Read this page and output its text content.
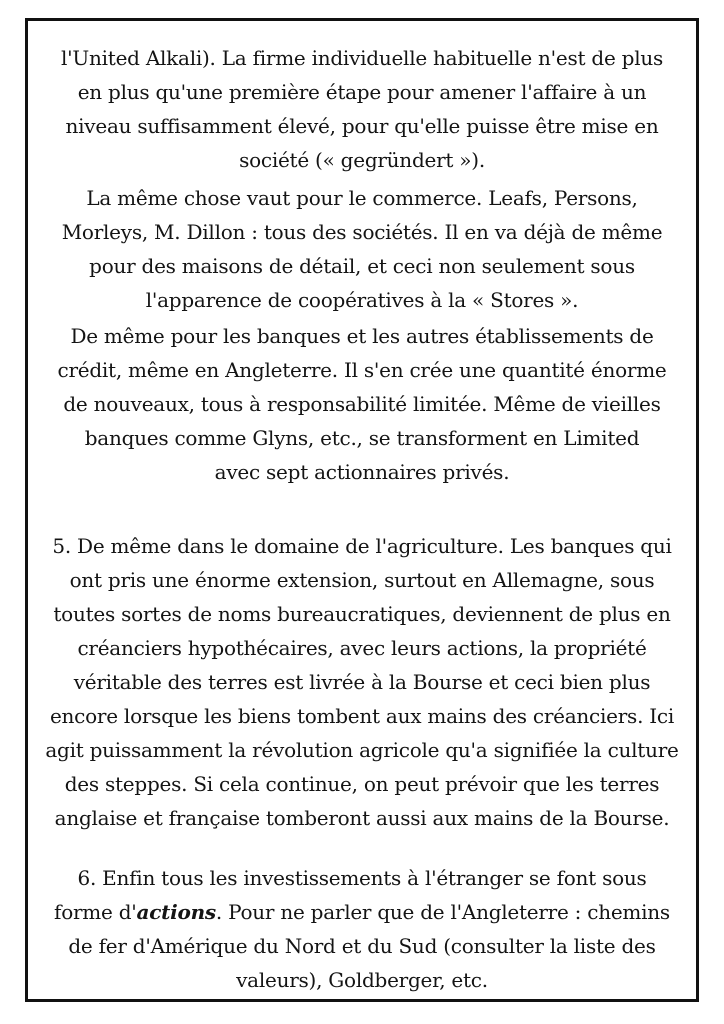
l'United Alkali). La firme individuelle habituelle n'est de plus
en plus qu'une première étape pour amener l'affaire à un
niveau suffisamment élevé, pour qu'elle puisse être mise en
société (« gegründert »).

La même chose vaut pour le commerce. Leafs, Persons,
Morleys, M. Dillon : tous des sociétés. Il en va déjà de même
pour des maisons de détail, et ceci non seulement sous
l'apparence de coopératives à la « Stores ».

De même pour les banques et les autres établissements de
crédit, même en Angleterre. Il s'en crée une quantité énorme
de nouveaux, tous à responsabilité limitée. Même de vieilles
banques comme Glyns, etc., se transforment en Limited
avec sept actionnaires privés.

5. De même dans le domaine de l'agriculture. Les banques qui
ont pris une énorme extension, surtout en Allemagne, sous
toutes sortes de noms bureaucratiques, deviennent de plus en
créanciers hypothécaires, avec leurs actions, la propriété
véritable des terres est livrée à la Bourse et ceci bien plus
encore lorsque les biens tombent aux mains des créanciers. Ici
agit puissamment la révolution agricole qu'a signifiée la culture
des steppes. Si cela continue, on peut prévoir que les terres
anglaise et française tomberont aussi aux mains de la Bourse.

6. Enfin tous les investissements à l'étranger se font sous
forme d'actions. Pour ne parler que de l'Angleterre : chemins
de fer d'Amérique du Nord et du Sud (consulter la liste des
valeurs), Goldberger, etc.
